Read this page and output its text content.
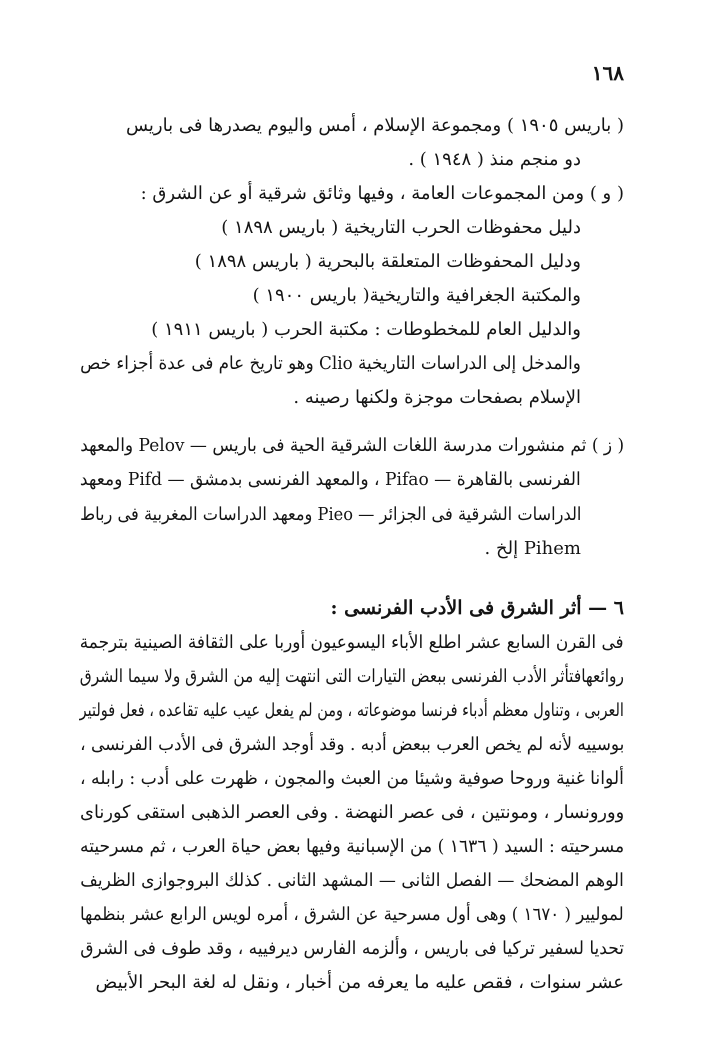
١٦٨

( باريس ١٩٠٥ ) ومجموعة الإسلام ، أمس واليوم يصدرها فى باريس

دو منجم منذ ( ١٩٤٨ ) .

( و ) ومن المجموعات العامة ، وفيها وثائق شرقية أو عن الشرق :

دليل محفوظات الحرب التاريخية ( باريس ١٨٩٨ )

ودليل المحفوظات المتعلقة بالبحرية ( باريس ١٨٩٨ )

والمكتبة الجغرافية والتاريخية( باريس ١٩٠٠ )

والدليل العام للمخطوطات : مكتبة الحرب ( باريس ١٩١١ )

والمدخل إلى الدراسات التاريخية Clio وهو تاريخ عام فى عدة أجزاء خص

الإسلام بصفحات موجزة ولكنها رصينه .

( ز ) ثم منشورات مدرسة اللغات الشرقية الحية فى باريس — Pelov والمعهد

الفرنسى بالقاهرة — Pifao ، والمعهد الفرنسى بدمشق — Pifd ومعهد

الدراسات الشرقية فى الجزائر — Pieo ومعهد الدراسات المغربية فى رباط

Pihem إلخ .

٦ — أثر الشرق فى الأدب الفرنسى :

فى القرن السابع عشر اطلع الأباء اليسوعيون أوربا على الثقافة الصينية بترجمة

روائعهافتأثر الأدب الفرنسى ببعض التيارات التى انتهت إليه من الشرق ولا سيما الشرق

العربى ، وتناول معظم أدباء فرنسا موضوعاته ، ومن لم يفعل عيب عليه تقاعده ، فعل فولتير

بوسييه لأنه لم يخص العرب ببعض أدبه . وقد أوجد الشرق فى الأدب الفرنسى ،

ألوانا غنية وروحا صوفية وشيئا من العبث والمجون ، ظهرت على أدب : رابله ،

وورونسار ، ومونتين ، فى عصر النهضة . وفى العصر الذهبى استقى كورناى

مسرحيته : السيد ( ١٦٣٦ ) من الإسبانية وفيها بعض حياة العرب ، ثم مسرحيته

الوهم المضحك — الفصل الثانى — المشهد الثانى . كذلك البروجوازى الظريف

لموليير ( ١٦٧٠ ) وهى أول مسرحية عن الشرق ، أمره لويس الرابع عشر بنظمها

تحديا لسفير تركيا فى باريس ، وألزمه الفارس ديرفييه ، وقد طوف فى الشرق

عشر سنوات ، فقص عليه ما يعرفه من أخبار ، ونقل له لغة البحر الأبيض
